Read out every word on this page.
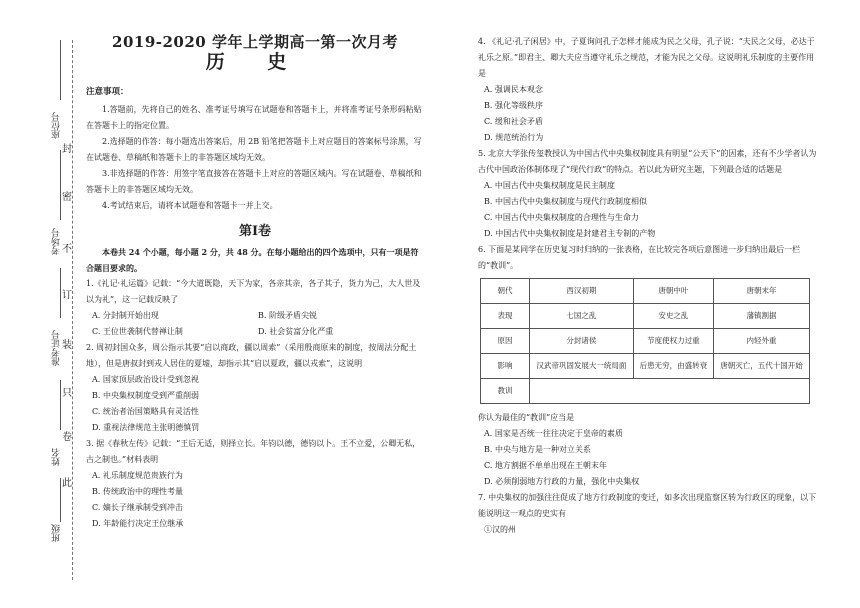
座位号
考场号
准考证号
姓名
班级
封
密
不
订
装
只
卷
此
2019-2020 学年上学期高一第一次月考
历 史
注意事项：
1.答题前，先将自己的姓名、准考证号填写在试题卷和答题卡上，并将准考证号条形码粘贴在答题卡上的指定位置。
2.选择题的作答：每小题选出答案后，用 2B 铅笔把答题卡上对应题目的答案标号涂黑，写在试题卷、草稿纸和答题卡上的非答题区域均无效。
3.非选择题的作答：用签字笔直接答在答题卡上对应的答题区域内。写在试题卷、草稿纸和答题卡上的非答题区域均无效。
4.考试结束后，请将本试题卷和答题卡一并上交。
第Ⅰ卷
本卷共 24 个小题，每小题 2 分，共 48 分。在每小题给出的四个选项中，只有一项是符合题目要求的。
1.《礼记·礼运篇》记载：“今大道既隐，天下为家，各亲其亲，各子其子，货力为己，大人世及以为礼”，这一记载反映了
A. 分封制开始出现	B. 阶级矛盾尖锐
C. 王位世袭制代替禅让制	D. 社会贫富分化严重
2. 周初封国众多，周公指示其要“启以商政，疆以周索”（采用殷商原来的制度，按周法分配土地），但是唐叔封到戎人居住的夏墟，却指示其“启以夏政，疆以戎索”，这说明
A. 国家顶层政治设计受到忽视
B. 中央集权制度受到严重削弱
C. 统治者治国策略具有灵活性
D. 重视法律规范主张明德慎罚
3. 据《春秋左传》记载：“王后无适，则择立长。年钧以德，德钧以卜。王不立爱，公卿无私，古之制也。”材料表明
A. 礼乐制度规范贵族行为
B. 传统政治中的理性考量
C. 嫡长子继承制受到冲击
D. 年龄能行决定王位继承
4. 《礼记·孔子闲居》中，子夏询问孔子怎样才能成为民之父母，孔子说：“夫民之父母，必达于礼乐之原。”即君主、卿大夫应当遵守礼乐之规范，才能为民之父母。这说明礼乐制度的主要作用是
A. 强调民本观念
B. 强化等级秩序
C. 缓和社会矛盾
D. 规范统治行为
5. 北京大学张传玺教授认为中国古代中央集权制度具有明显“公天下”的因素，还有不少学者认为古代中国政治体制体现了“现代行政”的特点。若以此为研究主题，下列最合适的话题是
A. 中国古代中央集权制度是民主制度
B. 中国古代中央集权制度与现代行政制度相似
C. 中国古代中央集权制度的合理性与生命力
D. 中国古代中央集权制度是封建君主专制的产物
6. 下面是某同学在历史复习时归纳的一张表格，在比较完各项后意图进一步归纳出最后一栏的“教训”。
朝代	西汉初期	唐朝中叶	唐朝末年
表现	七国之乱	安史之乱	藩镇割据
原因	分封诸侯	节度使权力过重	内轻外重
影响	汉武帝巩固发展大一统局面	后患无穷，由盛转衰	唐朝灭亡，五代十国开始
教训			
你认为最佳的“教训”应当是
A. 国家是否统一往往决定于皇帝的素质
B. 中央与地方是一种对立关系
C. 地方割据不单单出现在王朝末年
D. 必须削弱地方行政的力量，强化中央集权
7. 中央集权的加强往往促成了地方行政制度的变迁，如多次出现监察区转为行政区的现象，以下能说明这一观点的史实有
①汉的州
